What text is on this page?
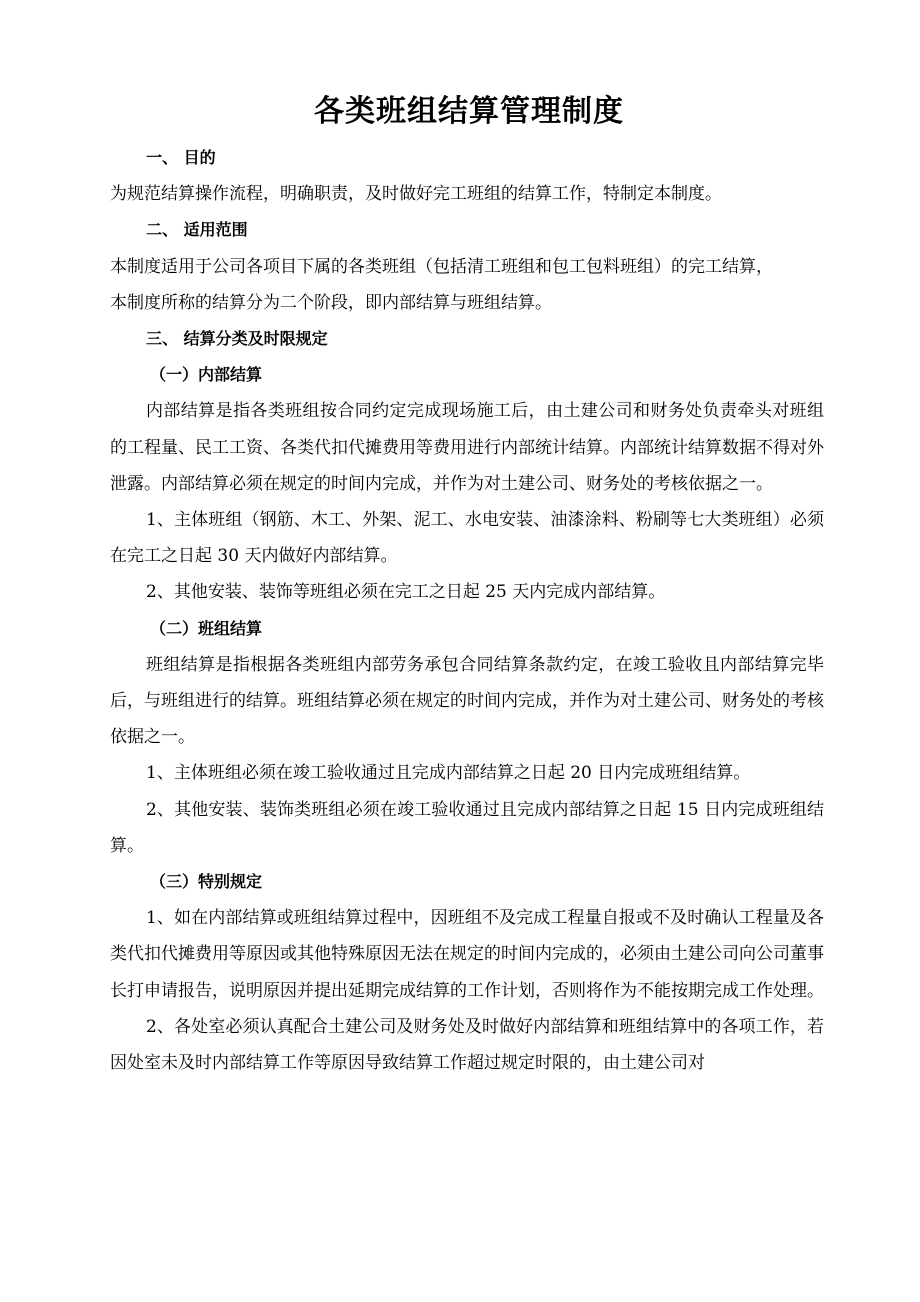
各类班组结算管理制度

一、 目的

为规范结算操作流程，明确职责，及时做好完工班组的结算工作，特制定本制度。

二、 适用范围

本制度适用于公司各项目下属的各类班组（包括清工班组和包工包料班组）的完工结算，

本制度所称的结算分为二个阶段，即内部结算与班组结算。

三、 结算分类及时限规定

（一）内部结算

内部结算是指各类班组按合同约定完成现场施工后，由土建公司和财务处负责牵头对班组的工程量、民工工资、各类代扣代摊费用等费用进行内部统计结算。内部统计结算数据不得对外泄露。内部结算必须在规定的时间内完成，并作为对土建公司、财务处的考核依据之一。

1、主体班组（钢筋、木工、外架、泥工、水电安装、油漆涂料、粉刷等七大类班组）必须在完工之日起 30 天内做好内部结算。

2、其他安装、装饰等班组必须在完工之日起 25 天内完成内部结算。

（二）班组结算

班组结算是指根据各类班组内部劳务承包合同结算条款约定，在竣工验收且内部结算完毕后，与班组进行的结算。班组结算必须在规定的时间内完成，并作为对土建公司、财务处的考核依据之一。

1、主体班组必须在竣工验收通过且完成内部结算之日起 20 日内完成班组结算。

2、其他安装、装饰类班组必须在竣工验收通过且完成内部结算之日起 15 日内完成班组结算。

（三）特别规定

1、如在内部结算或班组结算过程中，因班组不及完成工程量自报或不及时确认工程量及各类代扣代摊费用等原因或其他特殊原因无法在规定的时间内完成的，必须由土建公司向公司董事长打申请报告，说明原因并提出延期完成结算的工作计划，否则将作为不能按期完成工作处理。

2、各处室必须认真配合土建公司及财务处及时做好内部结算和班组结算中的各项工作，若因处室未及时内部结算工作等原因导致结算工作超过规定时限的，由土建公司对
